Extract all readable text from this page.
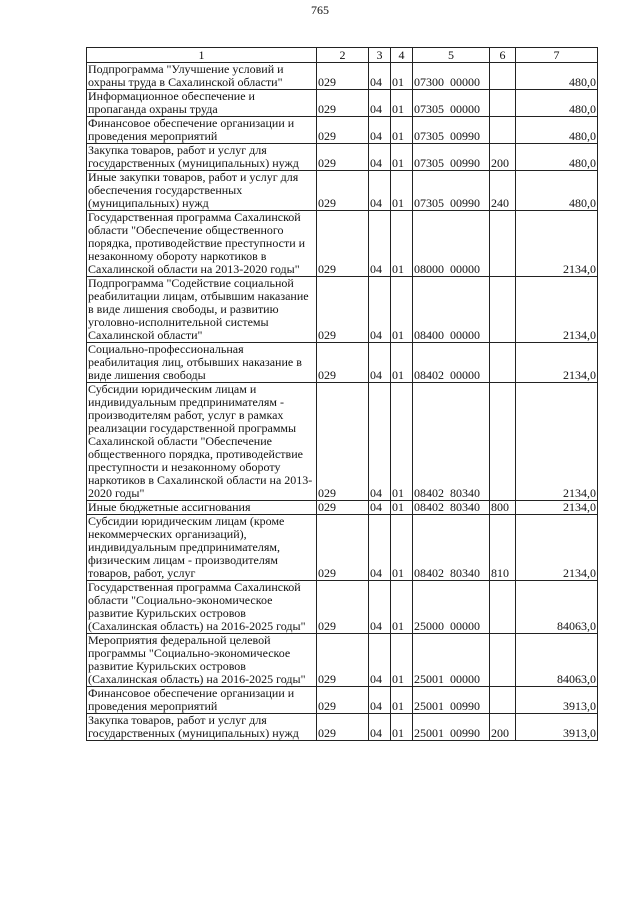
765
1	2	3	4	5	6	7
Подпрограмма "Улучшение условий и охраны труда в Сахалинской области"	029	04	01	07300  00000		480,0
Информационное обеспечение и пропаганда охраны труда	029	04	01	07305  00000		480,0
Финансовое обеспечение организации и проведения мероприятий	029	04	01	07305  00990		480,0
Закупка товаров, работ и услуг для государственных (муниципальных) нужд	029	04	01	07305  00990	200	480,0
Иные закупки товаров, работ и услуг для обеспечения государственных (муниципальных) нужд	029	04	01	07305  00990	240	480,0
Государственная программа Сахалинской области "Обеспечение общественного порядка, противодействие преступности и незаконному обороту наркотиков в Сахалинской области на 2013-2020 годы"	029	04	01	08000  00000		2134,0
Подпрограмма "Содействие социальной реабилитации лицам, отбывшим наказание в виде лишения свободы, и развитию уголовно-исполнительной системы Сахалинской области"	029	04	01	08400  00000		2134,0
Социально-профессиональная реабилитация лиц, отбывших наказание в виде лишения свободы	029	04	01	08402  00000		2134,0
Субсидии юридическим лицам и индивидуальным предпринимателям - производителям работ, услуг в рамках реализации государственной программы Сахалинской области "Обеспечение общественного порядка, противодействие преступности и незаконному обороту наркотиков в Сахалинской области на 2013-2020 годы"	029	04	01	08402  80340		2134,0
Иные бюджетные ассигнования	029	04	01	08402  80340	800	2134,0
Субсидии юридическим лицам (кроме некоммерческих организаций), индивидуальным предпринимателям, физическим лицам - производителям товаров, работ, услуг	029	04	01	08402  80340	810	2134,0
Государственная программа Сахалинской области "Социально-экономическое развитие Курильских островов (Сахалинская область) на 2016-2025 годы"	029	04	01	25000  00000		84063,0
Мероприятия федеральной целевой программы "Социально-экономическое развитие Курильских островов (Сахалинская область) на 2016-2025 годы"	029	04	01	25001  00000		84063,0
Финансовое обеспечение организации и проведения мероприятий	029	04	01	25001  00990		3913,0
Закупка товаров, работ и услуг для государственных (муниципальных) нужд	029	04	01	25001  00990	200	3913,0
